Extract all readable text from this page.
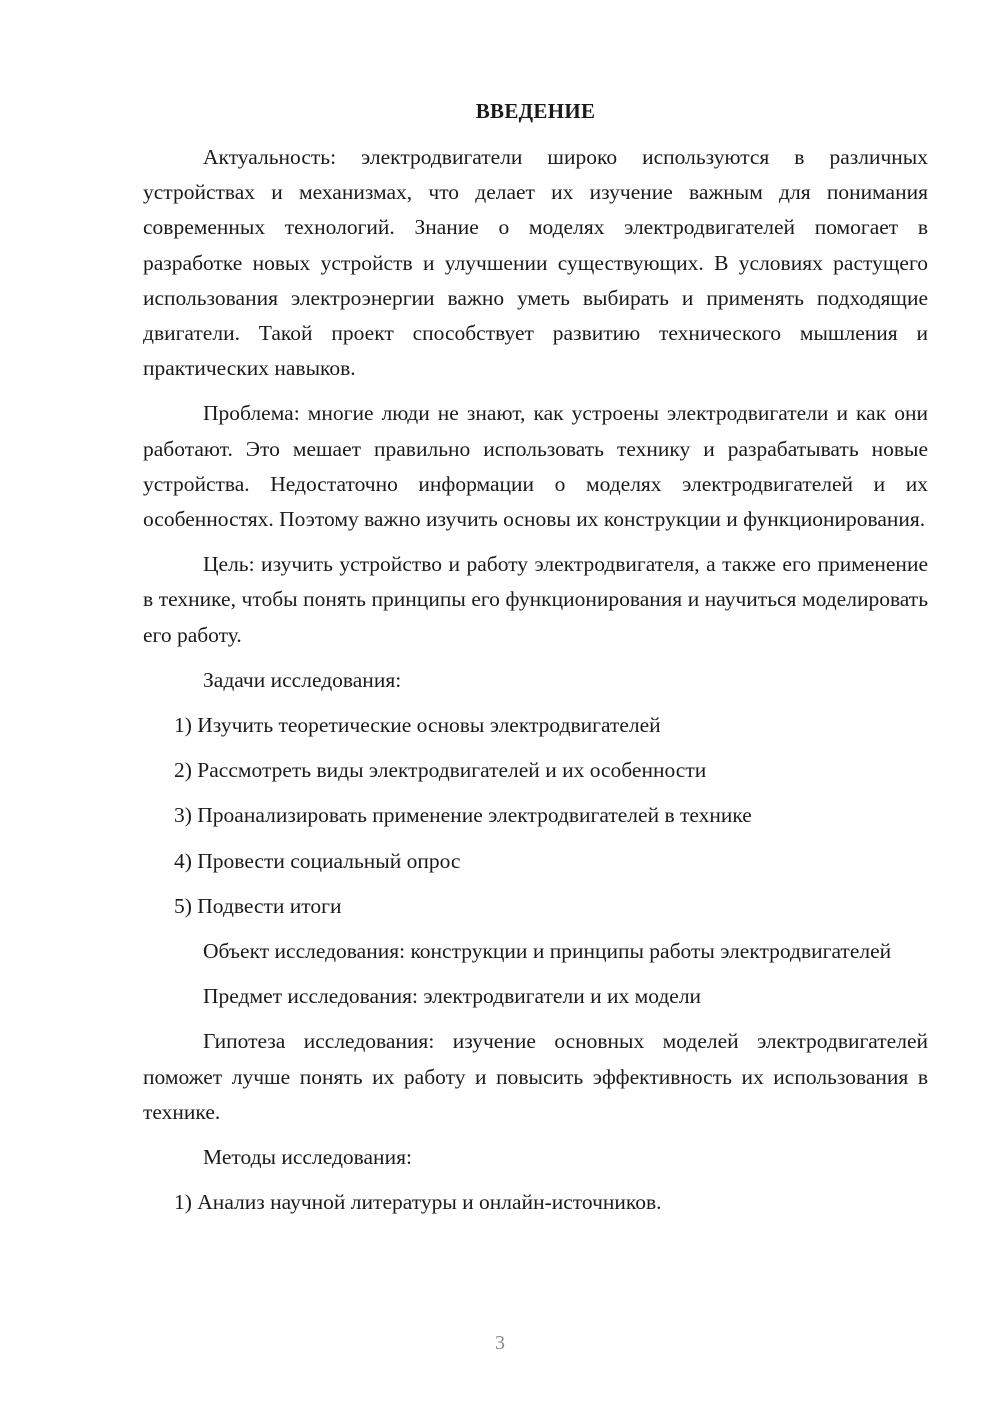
ВВЕДЕНИЕ

Актуальность: электродвигатели широко используются в различных устройствах и механизмах, что делает их изучение важным для понимания современных технологий. Знание о моделях электродвигателей помогает в разработке новых устройств и улучшении существующих. В условиях растущего использования электроэнергии важно уметь выбирать и применять подходящие двигатели. Такой проект способствует развитию технического мышления и практических навыков.

Проблема: многие люди не знают, как устроены электродвигатели и как они работают. Это мешает правильно использовать технику и разрабатывать новые устройства. Недостаточно информации о моделях электродвигателей и их особенностях. Поэтому важно изучить основы их конструкции и функционирования.

Цель: изучить устройство и работу электродвигателя, а также его применение в технике, чтобы понять принципы его функционирования и научиться моделировать его работу.

Задачи исследования:

1) Изучить теоретические основы электродвигателей

2) Рассмотреть виды электродвигателей и их особенности

3) Проанализировать применение электродвигателей в технике

4) Провести социальный опрос

5) Подвести итоги

Объект исследования: конструкции и принципы работы электродвигателей

Предмет исследования: электродвигатели и их модели

Гипотеза исследования: изучение основных моделей электродвигателей поможет лучше понять их работу и повысить эффективность их использования в технике.

Методы исследования:

1) Анализ научной литературы и онлайн-источников.

3
